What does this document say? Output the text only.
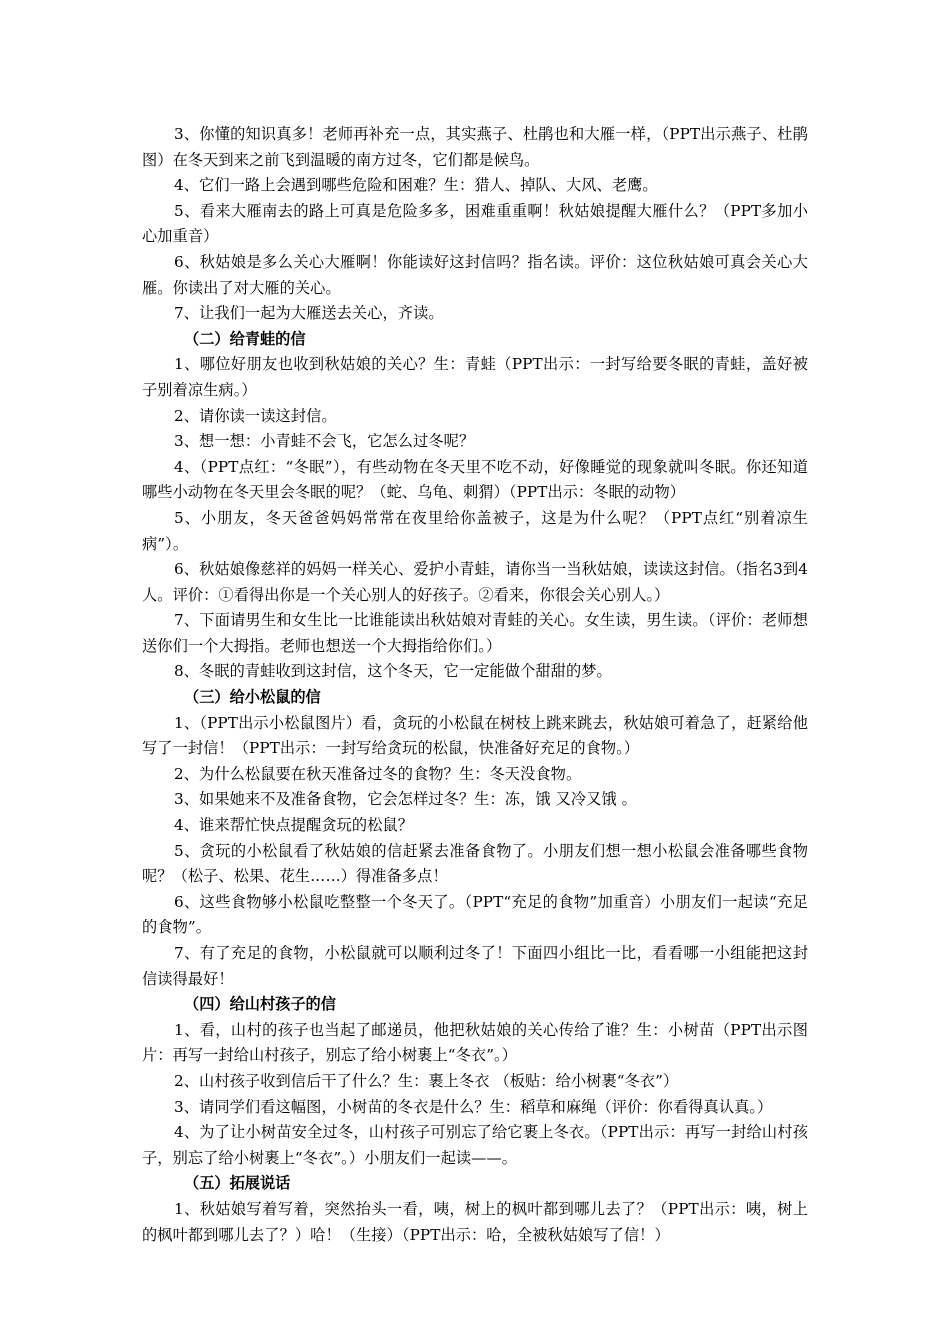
3、你懂的知识真多！老师再补充一点，其实燕子、杜鹃也和大雁一样，（PPT出示燕子、杜鹃图）在冬天到来之前飞到温暖的南方过冬，它们都是候鸟。

4、它们一路上会遇到哪些危险和困难？生：猎人、掉队、大风、老鹰。

5、看来大雁南去的路上可真是危险多多，困难重重啊！秋姑娘提醒大雁什么？（PPT多加小心加重音）

6、秋姑娘是多么关心大雁啊！你能读好这封信吗？指名读。评价：这位秋姑娘可真会关心大雁。你读出了对大雁的关心。

7、让我们一起为大雁送去关心，齐读。

（二）给青蛙的信

1、哪位好朋友也收到秋姑娘的关心？生：青蛙（PPT出示：一封写给要冬眠的青蛙，盖好被子别着凉生病。）

2、请你读一读这封信。

3、想一想：小青蛙不会飞，它怎么过冬呢？

4、（PPT点红：“冬眠”），有些动物在冬天里不吃不动，好像睡觉的现象就叫冬眠。你还知道哪些小动物在冬天里会冬眠的呢？（蛇、乌龟、刺猬）（PPT出示：冬眠的动物）

5、小朋友，冬天爸爸妈妈常常在夜里给你盖被子，这是为什么呢？（PPT点红“别着凉生病”）。

6、秋姑娘像慈祥的妈妈一样关心、爱护小青蛙，请你当一当秋姑娘，读读这封信。（指名3到4人。评价：①看得出你是一个关心别人的好孩子。②看来，你很会关心别人。）

7、下面请男生和女生比一比谁能读出秋姑娘对青蛙的关心。女生读，男生读。（评价：老师想送你们一个大拇指。老师也想送一个大拇指给你们。）

8、冬眠的青蛙收到这封信，这个冬天，它一定能做个甜甜的梦。

（三）给小松鼠的信

1、（PPT出示小松鼠图片）看，贪玩的小松鼠在树枝上跳来跳去，秋姑娘可着急了，赶紧给他写了一封信！（PPT出示：一封写给贪玩的松鼠，快准备好充足的食物。）

2、为什么松鼠要在秋天准备过冬的食物？生：冬天没食物。

3、如果她来不及准备食物，它会怎样过冬？生：冻，饿 又冷又饿 。

4、谁来帮忙快点提醒贪玩的松鼠？

5、贪玩的小松鼠看了秋姑娘的信赶紧去准备食物了。小朋友们想一想小松鼠会准备哪些食物呢？（松子、松果、花生……）得准备多点！

6、这些食物够小松鼠吃整整一个冬天了。（PPT“充足的食物”加重音）小朋友们一起读“充足的食物”。

7、有了充足的食物，小松鼠就可以顺利过冬了！下面四小组比一比，看看哪一小组能把这封信读得最好！

（四）给山村孩子的信

1、看，山村的孩子也当起了邮递员，他把秋姑娘的关心传给了谁？生：小树苗（PPT出示图片：再写一封给山村孩子，别忘了给小树裹上“冬衣”。）

2、山村孩子收到信后干了什么？生：裹上冬衣 （板贴：给小树裹“冬衣”）

3、请同学们看这幅图，小树苗的冬衣是什么？生：稻草和麻绳（评价：你看得真认真。）

4、为了让小树苗安全过冬，山村孩子可别忘了给它裹上冬衣。（PPT出示：再写一封给山村孩子，别忘了给小树裹上“冬衣”。）小朋友们一起读——。

（五）拓展说话

1、秋姑娘写着写着，突然抬头一看，咦，树上的枫叶都到哪儿去了？（PPT出示：咦，树上的枫叶都到哪儿去了？）哈！（生接）（PPT出示：哈，全被秋姑娘写了信！）
